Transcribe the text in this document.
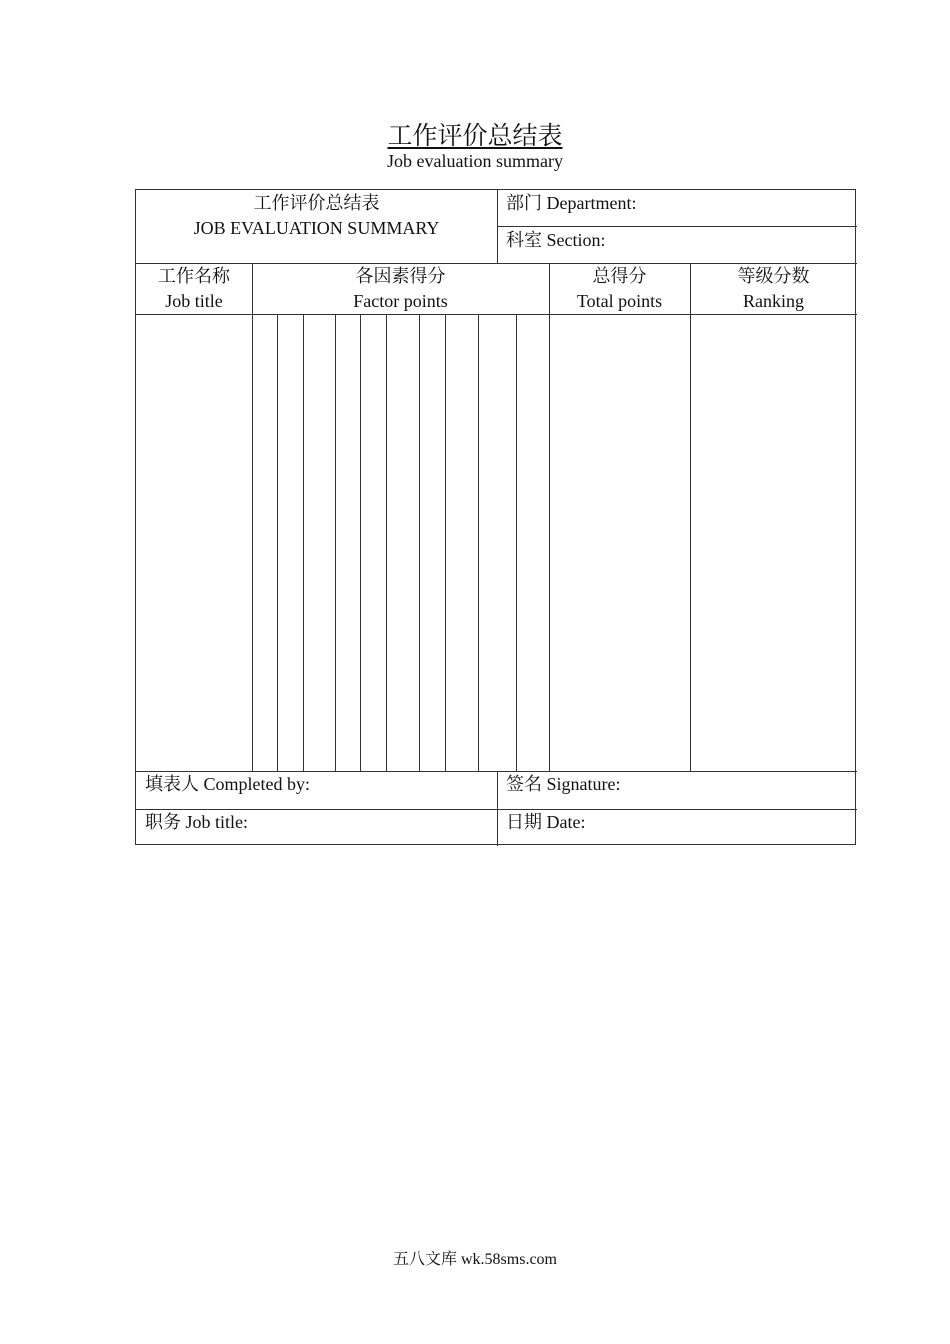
工作评价总结表
Job evaluation summary
工作评价总结表
JOB EVALUATION SUMMARY
部门 Department:
科室 Section:
工作名称
Job title
各因素得分
Factor points
总得分
Total points
等级分数
Ranking
填表人 Completed by:	签名 Signature:
职务 Job title:	日期 Date:
五八文库 wk.58sms.com
